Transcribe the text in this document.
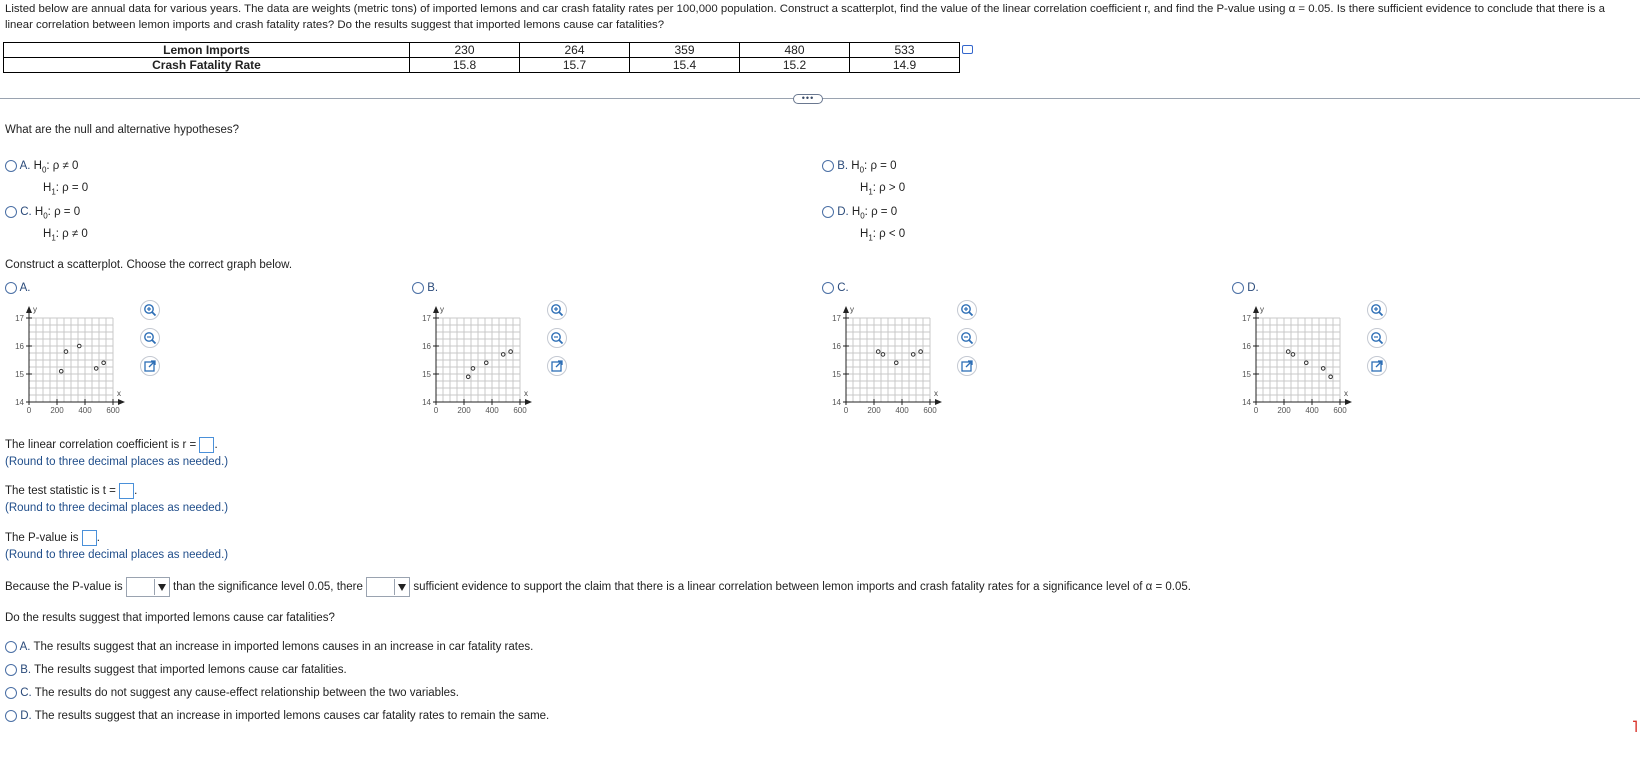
Listed below are annual data for various years. The data are weights (metric tons) of imported lemons and car crash fatality rates per 100,000 population. Construct a scatterplot, find the value of the linear correlation coefficient r, and find the P-value using α = 0.05. Is there sufficient evidence to conclude that there is a linear correlation between lemon imports and crash fatality rates? Do the results suggest that imported lemons cause car fatalities?
Lemon Imports	230	264	359	480	533
Crash Fatality Rate	15.8	15.7	15.4	15.2	14.9
•••
What are the null and alternative hypotheses?
A. $H_0$: ρ ≠ 0
$H_1$: ρ = 0
B. $H_0$: ρ = 0
$H_1$: ρ > 0
C. $H_0$: ρ = 0
$H_1$: ρ ≠ 0
D. $H_0$: ρ = 0
$H_1$: ρ < 0
Construct a scatterplot. Choose the correct graph below.
A.
x
y
17
16
15
14
0 200 400 600
B.
x
y
17
16
15
14
0 200 400 600
C.
x
y
17
16
15
14
0 200 400 600
D.
x
y
17
16
15
14
0 200 400 600
The linear correlation coefficient is r = .
(Round to three decimal places as needed.)
The test statistic is t = .
(Round to three decimal places as needed.)
The P-value is .
(Round to three decimal places as needed.)
Because the P-value is	than the significance level 0.05, there	sufficient evidence to support the claim that there is a linear correlation between lemon imports and crash fatality rates for a significance level of α = 0.05.
Do the results suggest that imported lemons cause car fatalities?
A. The results suggest that an increase in imported lemons causes in an increase in car fatality rates.
B. The results suggest that imported lemons cause car fatalities.
C. The results do not suggest any cause-effect relationship between the two variables.
D. The results suggest that an increase in imported lemons causes car fatality rates to remain the same.
˥
